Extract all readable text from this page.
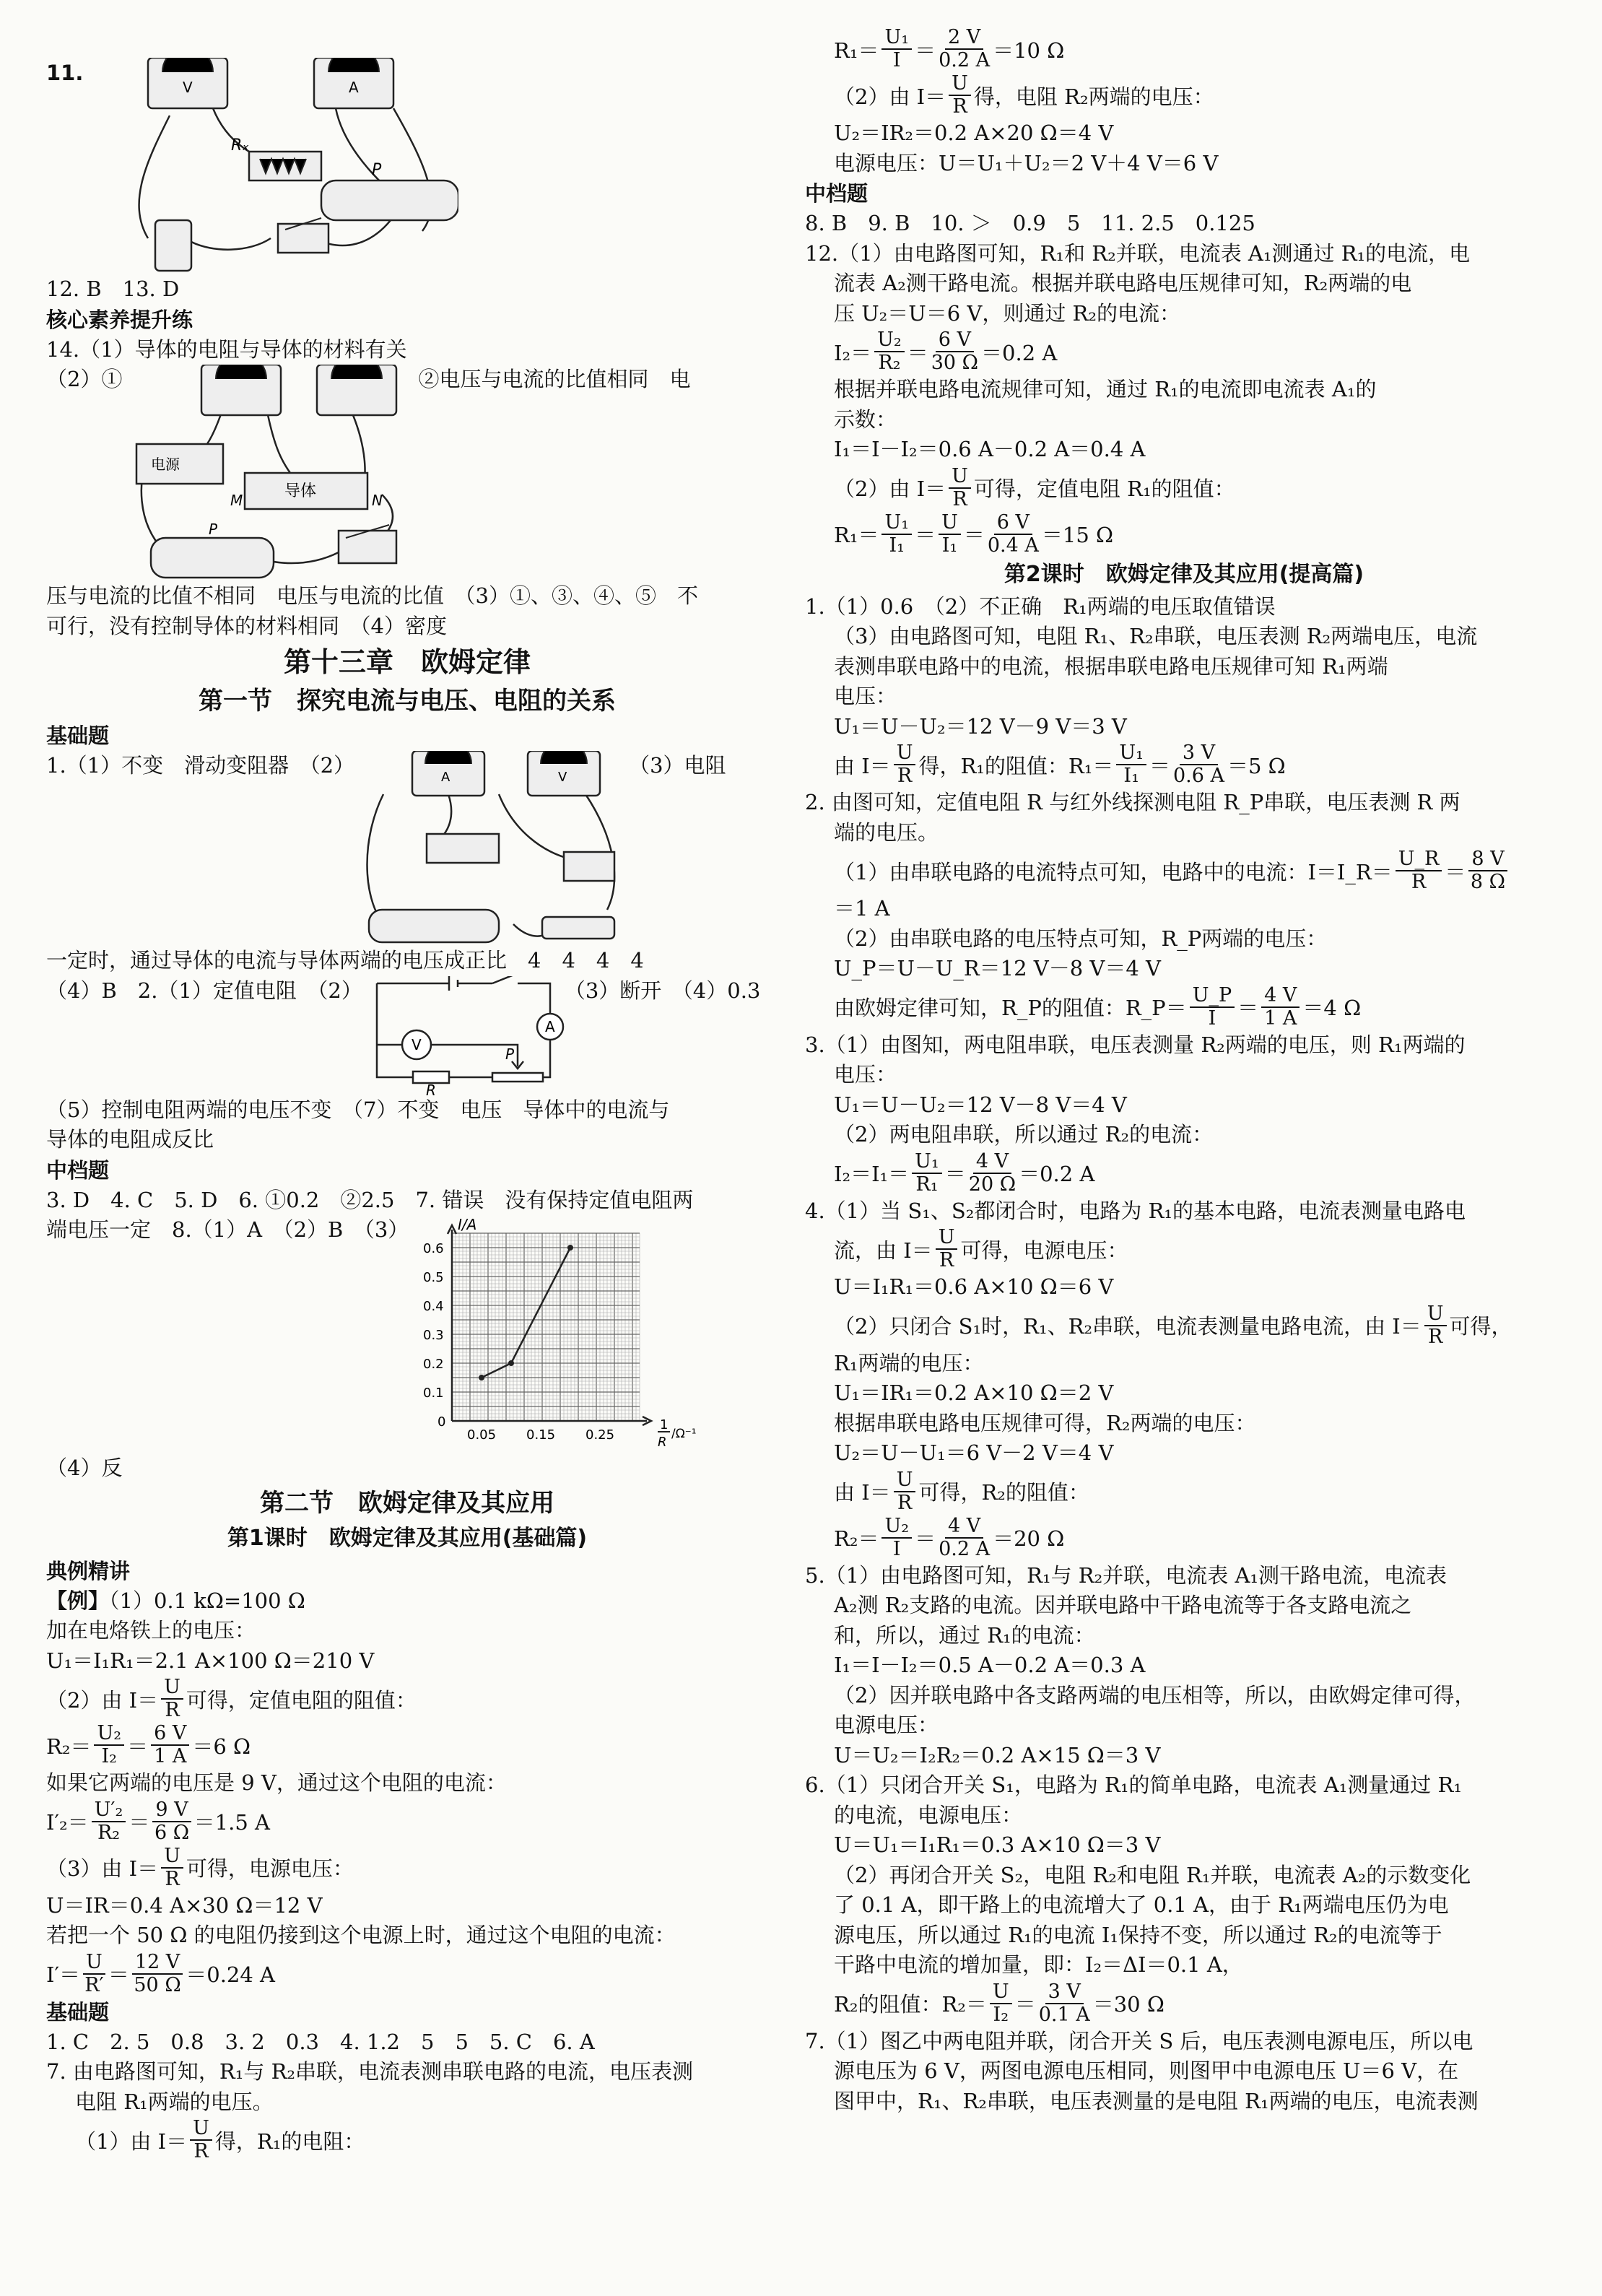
11.
V	A
Rₓ
P

12. B　13. D

核心素养提升练

14.（1）导体的电阻与导体的材料有关

（2）①
电源
导体
M	N
P
②电压与电流的比值相同　电

压与电流的比值不相同　电压与电流的比值　（3）①、③、④、⑤　不

可行，没有控制导体的材料相同　（4）密度

第十三章　欧姆定律

第一节　探究电流与电压、电阻的关系

基础题

1.（1）不变　滑动变阻器　（2）	A	V	（3）电阻

一定时，通过导体的电流与导体两端的电压成正比　4　4　4　4

（4）B　2.（1）定值电阻　（2）
V
A
R
P
（3）断开　（4）0.3

（5）控制电阻两端的电压不变　（7）不变　电压　导体中的电流与

导体的电阻成反比

中档题

3. D　4. C　5. D　6. ①0.2　②2.5　7. 错误　没有保持定值电阻两

端电压一定　8.（1）A　（2）B　（3）	I/A
0.6
0.5
0.4
0.3
0.2
0.1
0
0.05 0.15 0.25
1
R
/Ω⁻¹

（4）反

第二节　欧姆定律及其应用

第1课时　欧姆定律及其应用(基础篇)

典例精讲

【例】（1）0.1 kΩ=100 Ω

加在电烙铁上的电压：

U₁＝I₁R₁＝2.1 A×100 Ω＝210 V

（2）由 $I= \frac{U}{R}$ 可得，定值电阻的阻值：
$R_2= \frac{\text{U₂}}{\text{I₂}} = \frac{6 V}{1 A} =6$ Ω

如果它两端的电压是 9 V，通过这个电阻的电流：

$I'_2= \frac{\text{U′₂}}{\text{R₂}} = \frac{9 V}{6 \Omega} =1.5$ A
（3）由 $I= \frac{U}{R}$ 可得，电源电压：

U＝IR＝0.4 A×30 Ω＝12 V

若把一个 50 Ω 的电阻仍接到这个电源上时，通过这个电阻的电流：

$I'= \frac{U}{R'} = \frac{12 V}{50 \Omega} =0.24$ A

基础题

1. C　2. 5　0.8　3. 2　0.3　4. 1.2　5　5　5. C　6. A

7. 由电路图可知，R₁与 R₂串联，电流表测串联电路的电流，电压表测

电阻 R₁两端的电压。

（1）由 $I= \frac{U}{R}$ 得，R₁的电阻：
$R_1= \frac{\text{U₁}}{I} = \frac{2 V}{0.2 A} =10$ Ω
（2）由 $I= \frac{U}{R}$ 得，电阻 R₂两端的电压：

U₂＝IR₂＝0.2 A×20 Ω＝4 V

电源电压：U＝U₁＋U₂＝2 V＋4 V＝6 V

中档题

8. B　9. B　10. ＞　0.9　5　11. 2.5　0.125

12.（1）由电路图可知，R₁和 R₂并联，电流表 A₁测通过 R₁的电流，电

流表 A₂测干路电流。根据并联电路电压规律可知，R₂两端的电

压 U₂＝U＝6 V，则通过 R₂的电流：

$I_2= \frac{\text{U₂}}{\text{R₂}} = \frac{6 V}{30 \Omega} =0.2$ A

根据并联电路电流规律可知，通过 R₁的电流即电流表 A₁的

示数：

I₁＝I－I₂＝0.6 A－0.2 A＝0.4 A

（2）由 $I= \frac{U}{R}$ 可得，定值电阻 R₁的阻值：
$R_1= \frac{\text{U₁}}{\text{I₁}} = \frac{U}{\text{I₁}} = \frac{6 V}{0.4 A} =15$ Ω

第2课时　欧姆定律及其应用(提高篇)

1.（1）0.6　（2）不正确　R₁两端的电压取值错误

（3）由电路图可知，电阻 R₁、R₂串联，电压表测 R₂两端电压，电流

表测串联电路中的电流，根据串联电路电压规律可知 R₁两端

电压：

U₁＝U－U₂＝12 V－9 V＝3 V

由 $I= \frac{U}{R}$ 得，R₁的阻值：$R_1= \frac{\text{U₁}}{\text{I₁}} = \frac{3 V}{0.6 A} =5$ Ω

2. 由图可知，定值电阻 R 与红外线探测电阻 R_P串联，电压表测 R 两

端的电压。

（1）由串联电路的电流特点可知，电路中的电流：I＝I_R＝ $\frac{U\_R}{R} = \frac{8 V}{8 \Omega}$

＝1 A

（2）由串联电路的电压特点可知，R_P两端的电压：

U_P＝U－U_R＝12 V－8 V＝4 V

由欧姆定律可知，R_P的阻值：R_P＝ $\frac{U\_P}{I} = \frac{4 V}{1 A} =4$ Ω

3.（1）由图知，两电阻串联，电压表测量 R₂两端的电压，则 R₁两端的

电压：

U₁＝U－U₂＝12 V－8 V＝4 V

（2）两电阻串联，所以通过 R₂的电流：

$I_2=I_1= \frac{\text{U₁}}{\text{R₁}} = \frac{4 V}{20 \Omega} =0.2$ A

4.（1）当 S₁、S₂都闭合时，电路为 R₁的基本电路，电流表测量电路电

流，由 $I= \frac{U}{R}$ 可得，电源电压：

U＝I₁R₁＝0.6 A×10 Ω＝6 V

（2）只闭合 S₁时，R₁、R₂串联，电流表测量电路电流，由 $I= \frac{U}{R}$ 可得，

R₁两端的电压：

U₁＝IR₁＝0.2 A×10 Ω＝2 V

根据串联电路电压规律可得，R₂两端的电压：

U₂＝U－U₁＝6 V－2 V＝4 V

由 $I= \frac{U}{R}$ 可得，R₂的阻值：
$R_2= \frac{\text{U₂}}{I} = \frac{4 V}{0.2 A} =20$ Ω

5.（1）由电路图可知，R₁与 R₂并联，电流表 A₁测干路电流，电流表

A₂测 R₂支路的电流。因并联电路中干路电流等于各支路电流之

和，所以，通过 R₁的电流：

I₁＝I－I₂＝0.5 A－0.2 A＝0.3 A

（2）因并联电路中各支路两端的电压相等，所以，由欧姆定律可得，

电源电压：

U＝U₂＝I₂R₂＝0.2 A×15 Ω＝3 V

6.（1）只闭合开关 S₁，电路为 R₁的简单电路，电流表 A₁测量通过 R₁

的电流，电源电压：

U＝U₁＝I₁R₁＝0.3 A×10 Ω＝3 V

（2）再闭合开关 S₂，电阻 R₂和电阻 R₁并联，电流表 A₂的示数变化

了 0.1 A，即干路上的电流增大了 0.1 A，由于 R₁两端电压仍为电

源电压，所以通过 R₁的电流 I₁保持不变，所以通过 R₂的电流等于

干路中电流的增加量，即：I₂＝ΔI＝0.1 A，

R₂的阻值：$R_2= \frac{U}{\text{I₂}} = \frac{3 V}{0.1 A} =30$ Ω

7.（1）图乙中两电阻并联，闭合开关 S 后，电压表测电源电压，所以电

源电压为 6 V，两图电源电压相同，则图甲中电源电压 U＝6 V，在

图甲中，R₁、R₂串联，电压表测量的是电阻 R₁两端的电压，电流表测
